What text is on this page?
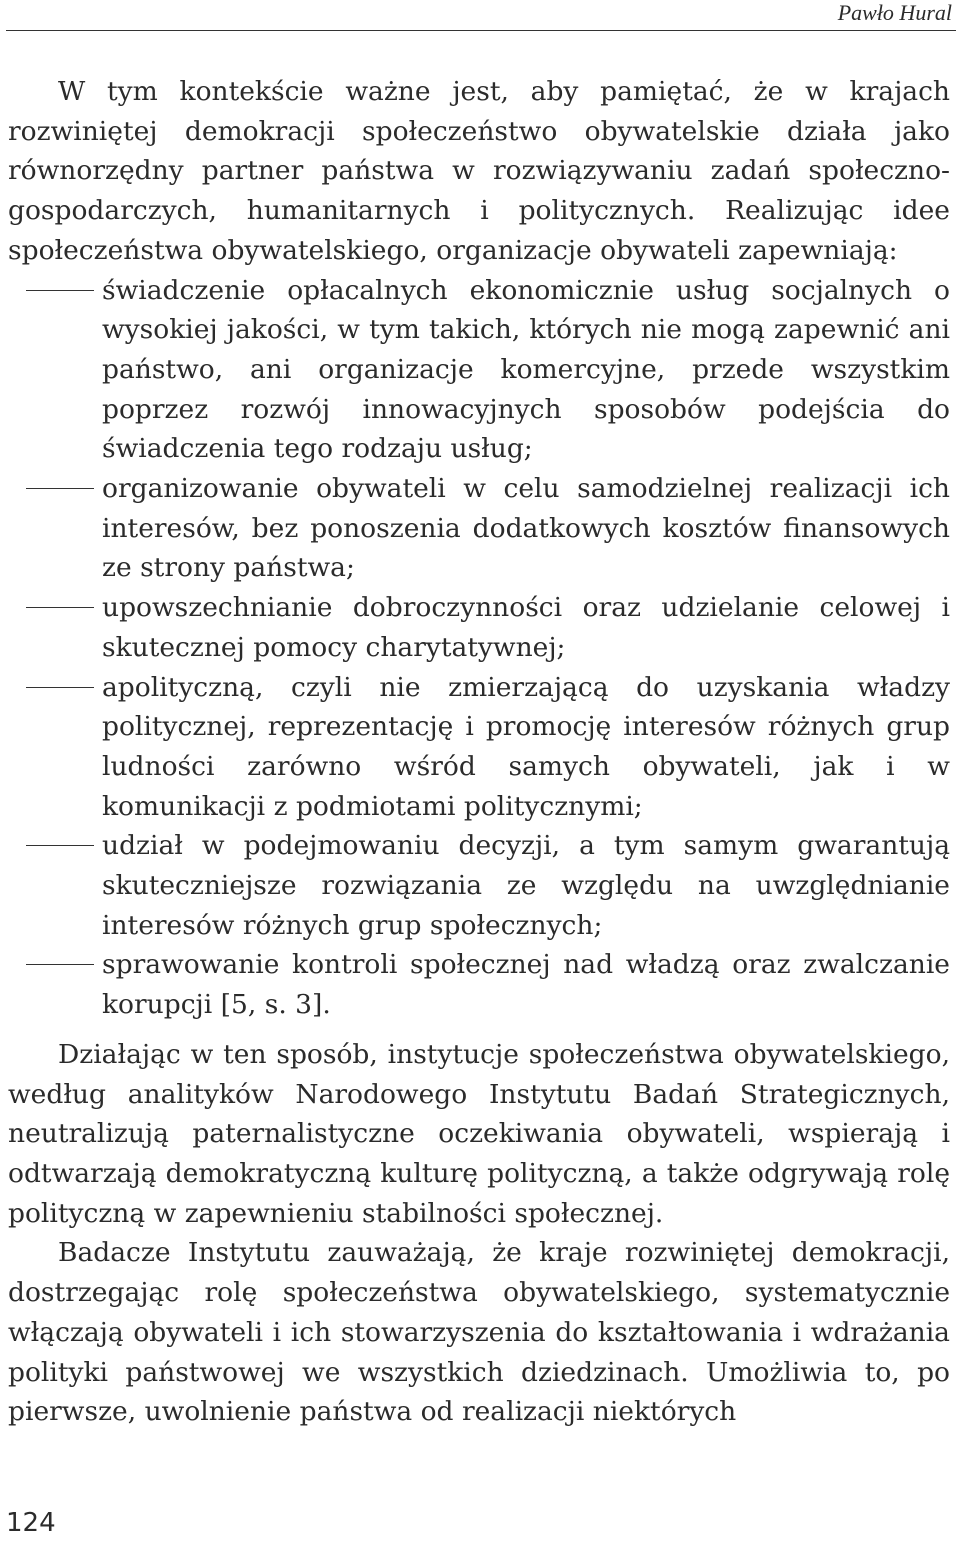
Pawło Hural

W tym kontekście ważne jest, aby pamiętać, że w krajach rozwiniętej demokracji społeczeństwo obywatelskie działa jako równorzędny partner państwa w rozwiązywaniu zadań społeczno-gospodarczych, humanitarnych i politycznych. Realizując idee społeczeństwa obywatelskiego, organizacje obywateli zapewniają:

świadczenie opłacalnych ekonomicznie usług socjalnych o wysokiej jakości, w tym takich, których nie mogą zapewnić ani państwo, ani organizacje komercyjne, przede wszystkim poprzez rozwój innowacyjnych sposobów podejścia do świadczenia tego rodzaju usług;
organizowanie obywateli w celu samodzielnej realizacji ich interesów, bez ponoszenia dodatkowych kosztów finansowych ze strony państwa;
upowszechnianie dobroczynności oraz udzielanie celowej i skutecznej pomocy charytatywnej;
apolityczną, czyli nie zmierzającą do uzyskania władzy politycznej, reprezentację i promocję interesów różnych grup ludności zarówno wśród samych obywateli, jak i w komunikacji z podmiotami politycznymi;
udział w podejmowaniu decyzji, a tym samym gwarantują skuteczniejsze rozwiązania ze względu na uwzględnianie interesów różnych grup społecznych;
sprawowanie kontroli społecznej nad władzą oraz zwalczanie korupcji [5, s. 3].

Działając w ten sposób, instytucje społeczeństwa obywatelskiego, według analityków Narodowego Instytutu Badań Strategicznych, neutralizują paternalistyczne oczekiwania obywateli, wspierają i odtwarzają demokratyczną kulturę polityczną, a także odgrywają rolę polityczną w zapewnieniu stabilności społecznej.

Badacze Instytutu zauważają, że kraje rozwiniętej demokracji, dostrzegając rolę społeczeństwa obywatelskiego, systematycznie włączają obywateli i ich stowarzyszenia do kształtowania i wdrażania polityki państwowej we wszystkich dziedzinach. Umożliwia to, po pierwsze, uwolnienie państwa od realizacji niektórych

124
